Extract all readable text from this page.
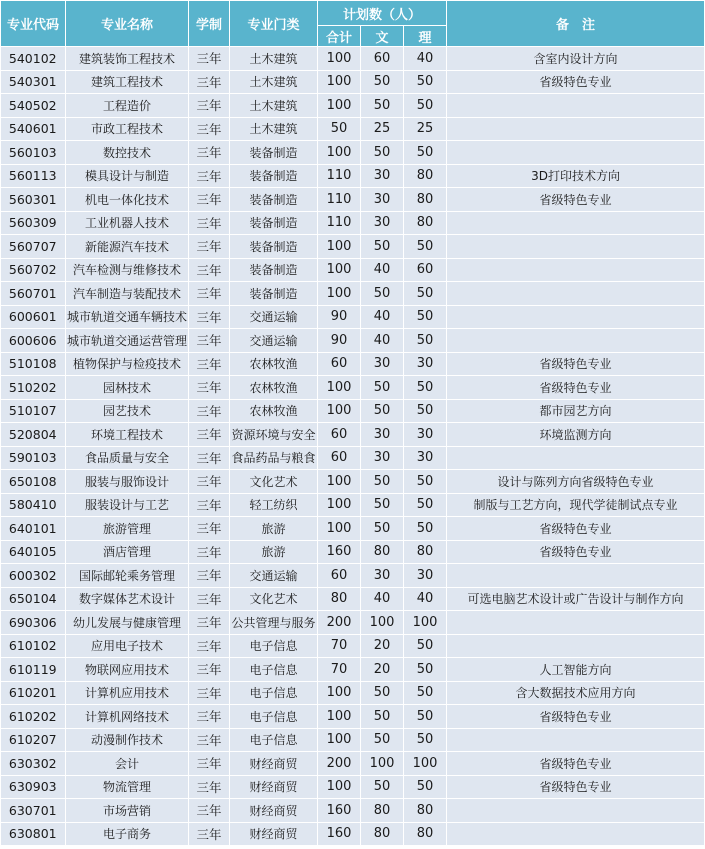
专业代码	专业名称	学制	专业门类	计划数（人）			备　注
				合计	文	理	
540102	建筑装饰工程技术	三年	土木建筑	100	60	40	含室内设计方向
540301	建筑工程技术	三年	土木建筑	100	50	50	省级特色专业
540502	工程造价	三年	土木建筑	100	50	50	
540601	市政工程技术	三年	土木建筑	50	25	25	
560103	数控技术	三年	装备制造	100	50	50	
560113	模具设计与制造	三年	装备制造	110	30	80	3D打印技术方向
560301	机电一体化技术	三年	装备制造	110	30	80	省级特色专业
560309	工业机器人技术	三年	装备制造	110	30	80	
560707	新能源汽车技术	三年	装备制造	100	50	50	
560702	汽车检测与维修技术	三年	装备制造	100	40	60	
560701	汽车制造与装配技术	三年	装备制造	100	50	50	
600601	城市轨道交通车辆技术	三年	交通运输	90	40	50	
600606	城市轨道交通运营管理	三年	交通运输	90	40	50	
510108	植物保护与检疫技术	三年	农林牧渔	60	30	30	省级特色专业
510202	园林技术	三年	农林牧渔	100	50	50	省级特色专业
510107	园艺技术	三年	农林牧渔	100	50	50	都市园艺方向
520804	环境工程技术	三年	资源环境与安全	60	30	30	环境监测方向
590103	食品质量与安全	三年	食品药品与粮食	60	30	30	
650108	服装与服饰设计	三年	文化艺术	100	50	50	设计与陈列方向省级特色专业
580410	服装设计与工艺	三年	轻工纺织	100	50	50	制版与工艺方向，现代学徒制试点专业
640101	旅游管理	三年	旅游	100	50	50	省级特色专业
640105	酒店管理	三年	旅游	160	80	80	省级特色专业
600302	国际邮轮乘务管理	三年	交通运输	60	30	30	
650104	数字媒体艺术设计	三年	文化艺术	80	40	40	可选电脑艺术设计或广告设计与制作方向
690306	幼儿发展与健康管理	三年	公共管理与服务	200	100	100	
610102	应用电子技术	三年	电子信息	70	20	50	
610119	物联网应用技术	三年	电子信息	70	20	50	人工智能方向
610201	计算机应用技术	三年	电子信息	100	50	50	含大数据技术应用方向
610202	计算机网络技术	三年	电子信息	100	50	50	省级特色专业
610207	动漫制作技术	三年	电子信息	100	50	50	
630302	会计	三年	财经商贸	200	100	100	省级特色专业
630903	物流管理	三年	财经商贸	100	50	50	省级特色专业
630701	市场营销	三年	财经商贸	160	80	80	
630801	电子商务	三年	财经商贸	160	80	80	
